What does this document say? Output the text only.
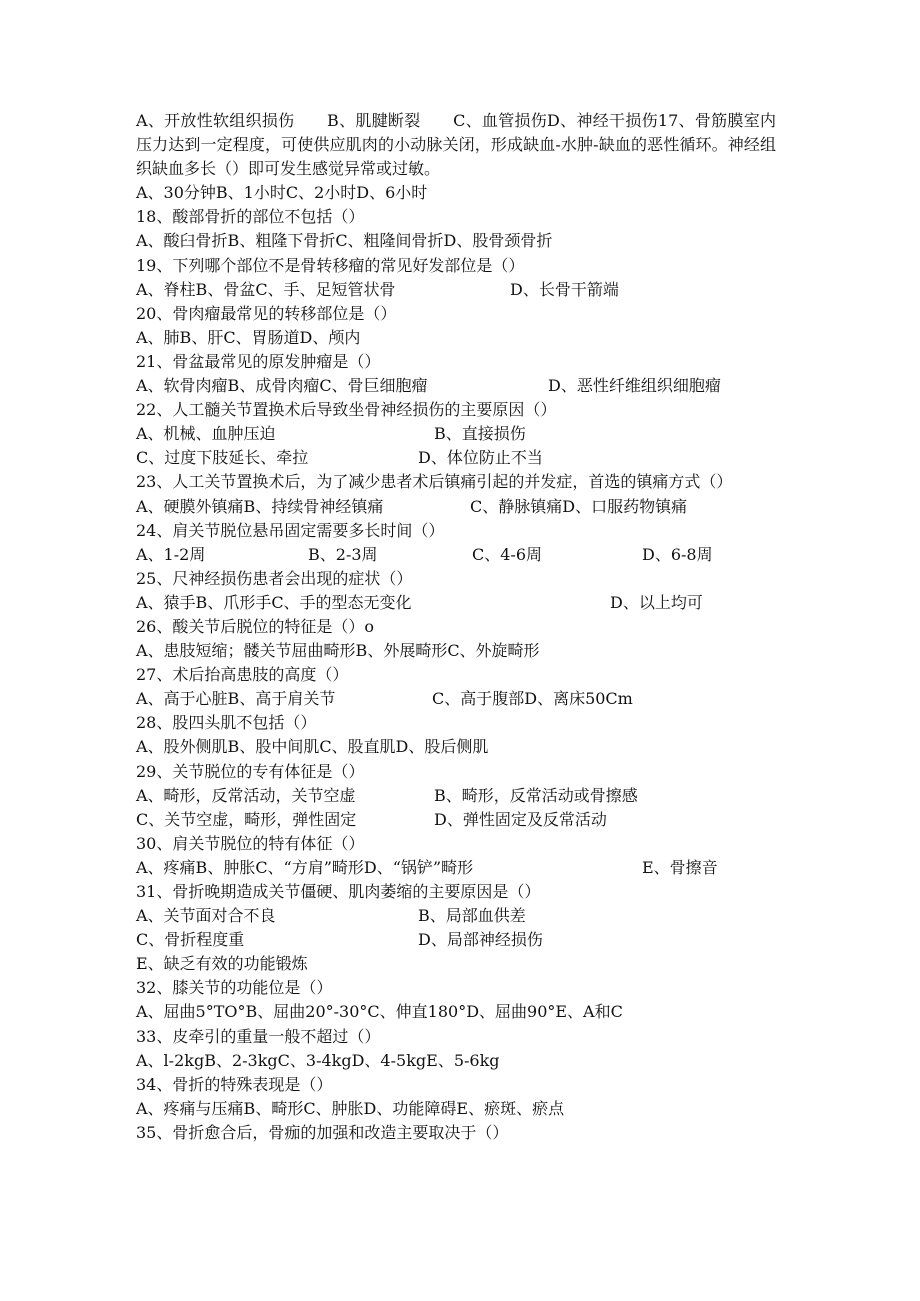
A、开放性软组织损伤　　B、肌腱断裂　　C、血管损伤D、神经干损伤17、骨筋膜室内压力达到一定程度，可使供应肌肉的小动脉关闭，形成缺血-水肿-缺血的恶性循环。神经组织缺血多长（）即可发生感觉异常或过敏。
A、30分钟B、1小时C、2小时D、6小时
18、酸部骨折的部位不包括（）
A、酸臼骨折B、粗隆下骨折C、粗隆间骨折D、股骨颈骨折
19、下列哪个部位不是骨转移瘤的常见好发部位是（）
A、脊柱B、骨盆C、手、足短管状骨	D、长骨干箭端
20、骨肉瘤最常见的转移部位是（）
A、肺B、肝C、胃肠道D、颅内
21、骨盆最常见的原发肿瘤是（）
A、软骨肉瘤B、成骨肉瘤C、骨巨细胞瘤	D、恶性纤维组织细胞瘤
22、人工髓关节置换术后导致坐骨神经损伤的主要原因（）
A、机械、血肿压迫	B、直接损伤
C、过度下肢延长、牵拉	D、体位防止不当
23、人工关节置换术后，为了减少患者术后镇痛引起的并发症，首选的镇痛方式（）
A、硬膜外镇痛B、持续骨神经镇痛	C、静脉镇痛D、口服药物镇痛
24、肩关节脱位悬吊固定需要多长时间（）
A、1-2周	B、2-3周	C、4-6周	D、6-8周
25、尺神经损伤患者会出现的症状（）
A、猿手B、爪形手C、手的型态无变化	D、以上均可
26、酸关节后脱位的特征是（）o
A、患肢短缩；髅关节屈曲畸形B、外展畸形C、外旋畸形
27、术后抬高患肢的高度（）
A、高于心脏B、高于肩关节	C、高于腹部D、离床50Cm
28、股四头肌不包括（）
A、股外侧肌B、股中间肌C、股直肌D、股后侧肌
29、关节脱位的专有体征是（）
A、畸形，反常活动，关节空虚	B、畸形，反常活动或骨擦感
C、关节空虚，畸形，弹性固定	D、弹性固定及反常活动
30、肩关节脱位的特有体征（）
A、疼痛B、肿胀C、“方肩”畸形D、“锅铲”畸形	E、骨擦音
31、骨折晚期造成关节僵硬、肌肉萎缩的主要原因是（）
A、关节面对合不良	B、局部血供差
C、骨折程度重	D、局部神经损伤
E、缺乏有效的功能锻炼
32、膝关节的功能位是（）
A、屈曲5°TO°B、屈曲20°-30°C、伸直180°D、屈曲90°E、A和C
33、皮牵引的重量一般不超过（）
A、l-2kgB、2-3kgC、3-4kgD、4-5kgE、5-6kg
34、骨折的特殊表现是（）
A、疼痛与压痛B、畸形C、肿胀D、功能障碍E、瘀斑、瘀点
35、骨折愈合后，骨痂的加强和改造主要取决于（）
